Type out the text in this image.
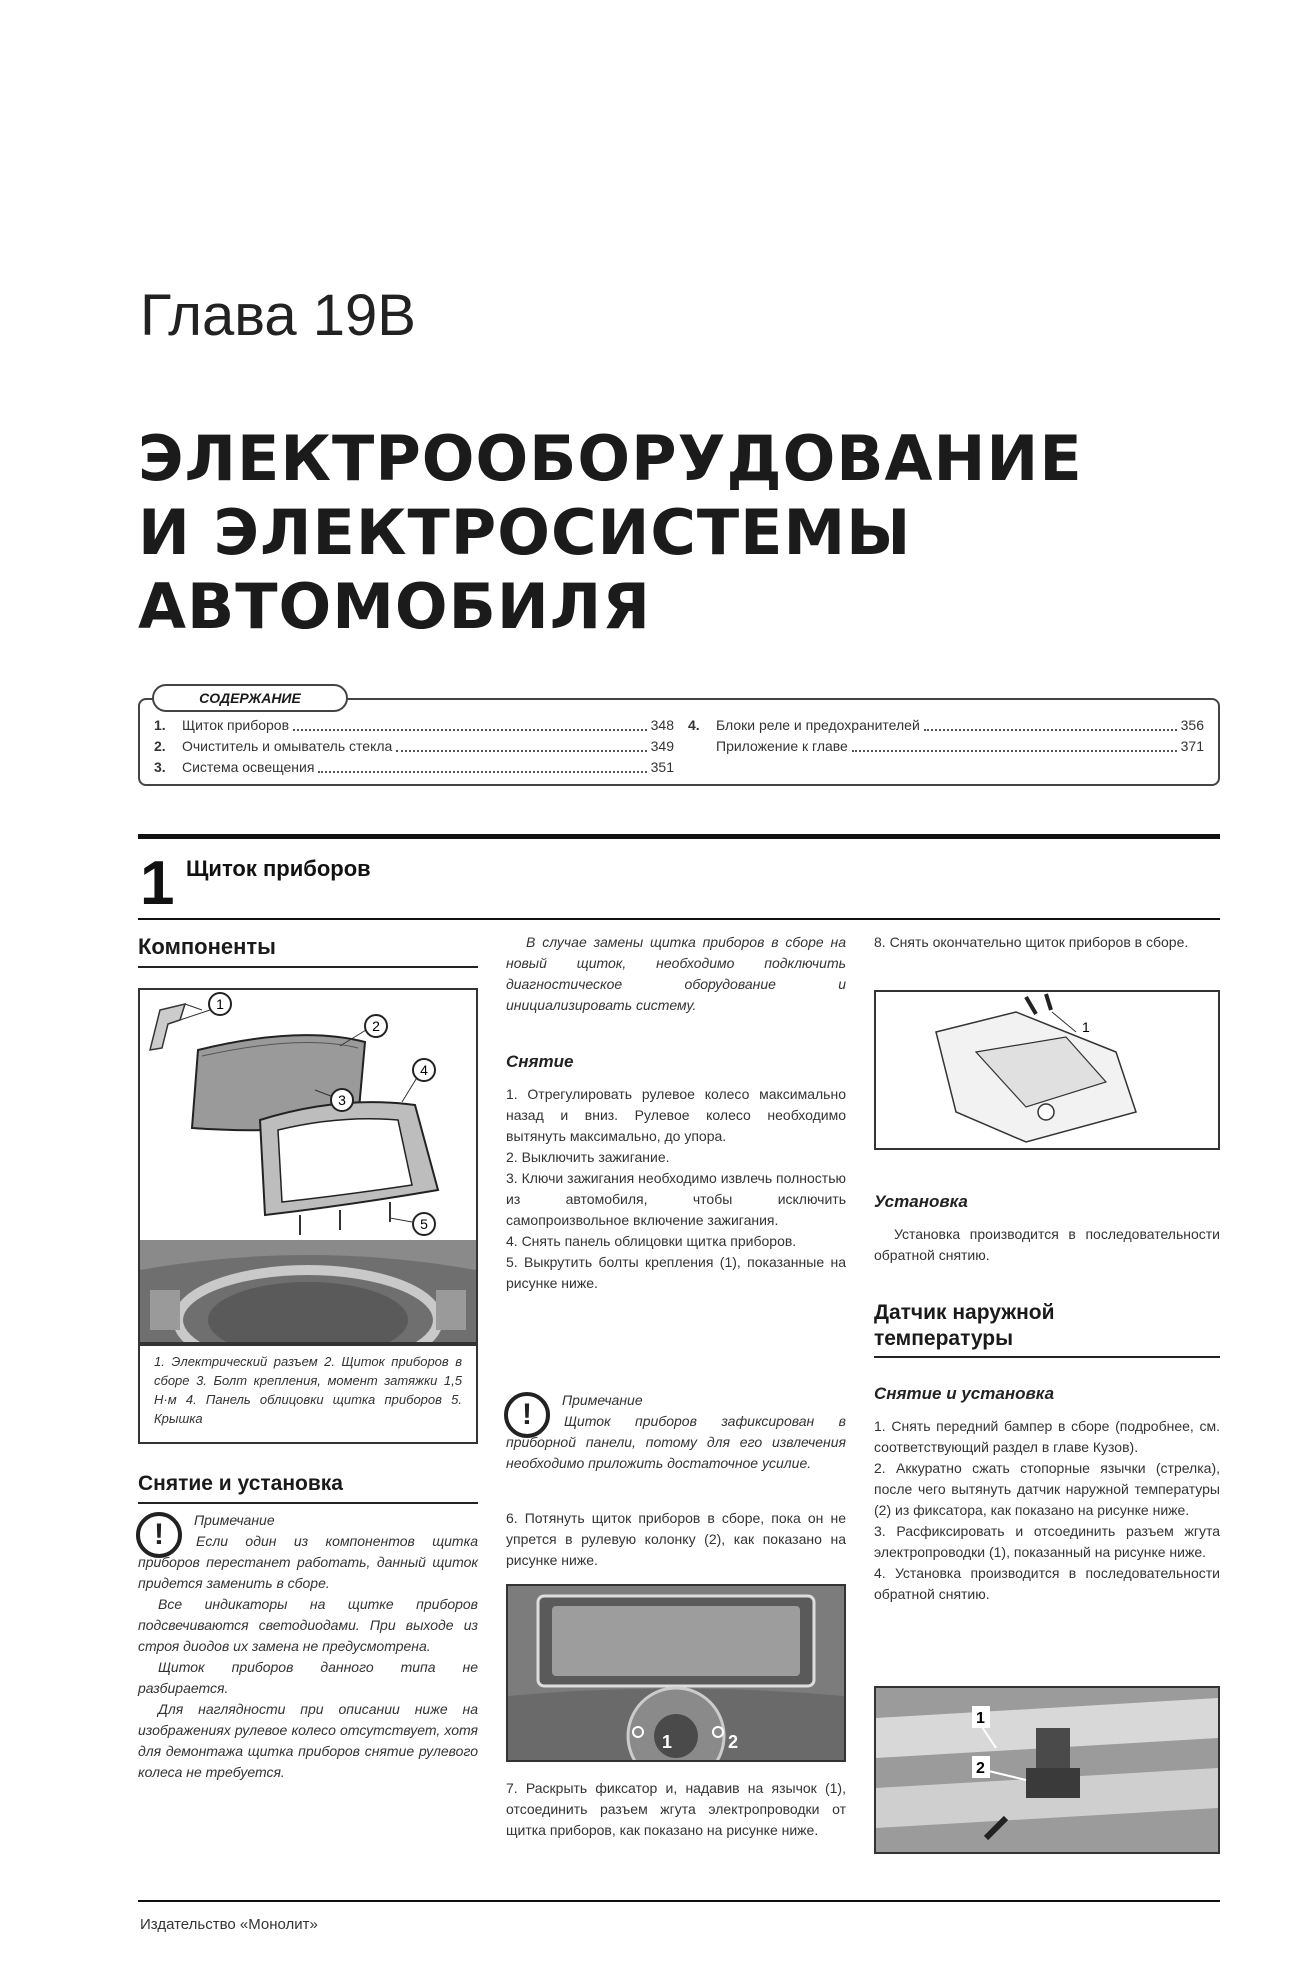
Глава 19В
ЭЛЕКТРООБОРУДОВАНИЕ
И ЭЛЕКТРОСИСТЕМЫ
АВТОМОБИЛЯ
1.	Щиток приборов	348
2.	Очиститель и омыватель стекла	349
3.	Система освещения	351
4.	Блоки реле и предохранителей	356
Приложение к главе	371
СОДЕРЖАНИЕ
1 Щиток приборов
Компоненты
1
2
3
4
5
1. Электрический разъем 2. Щиток приборов в сборе 3. Болт крепления, момент затяжки 1,5 Н·м 4. Панель облицовки щитка приборов 5. Крышка
Снятие и установка
!	Примечание

Если один из компонентов щитка приборов перестанет работать, данный щиток придется заменить в сборе.

Все индикаторы на щитке приборов подсвечиваются светодиодами. При выходе из строя диодов их замена не предусмотрена.

Щиток приборов данного типа не разбирается.

Для наглядности при описании ниже на изображениях рулевое колесо отсутствует, хотя для демонтажа щитка приборов снятие рулевого колеса не требуется.

В случае замены щитка приборов в сборе на новый щиток, необходимо подключить диагностическое оборудование и инициализировать систему.
Снятие
1. Отрегулировать рулевое колесо максимально назад и вниз. Рулевое колесо необходимо вытянуть максимально, до упора.
2. Выключить зажигание.
3. Ключи зажигания необходимо извлечь полностью из автомобиля, чтобы исключить самопроизвольное включение зажигания.
4. Снять панель облицовки щитка приборов.
5. Выкрутить болты крепления (1), показанные на рисунке ниже.
!	Примечание
Щиток приборов зафиксирован в приборной панели, потому для его извлечения необходимо приложить достаточное усилие.
6. Потянуть щиток приборов в сборе, пока он не упрется в рулевую колонку (2), как показано на рисунке ниже.
1	2
7. Раскрыть фиксатор и, надавив на язычок (1), отсоединить разъем жгута электропроводки от щитка приборов, как показано на рисунке ниже.
8. Снять окончательно щиток приборов в сборе.
1
Установка
Установка производится в последовательности обратной снятию.
Датчик наружной
температуры
Снятие и установка
1. Снять передний бампер в сборе (подробнее, см. соответствующий раздел в главе Кузов).
2. Аккуратно сжать стопорные язычки (стрелка), после чего вытянуть датчик наружной температуры (2) из фиксатора, как показано на рисунке ниже.
3. Расфиксировать и отсоединить разъем жгута электропроводки (1), показанный на рисунке ниже.
4. Установка производится в последовательности обратной снятию.
1
2
Издательство «Монолит»
